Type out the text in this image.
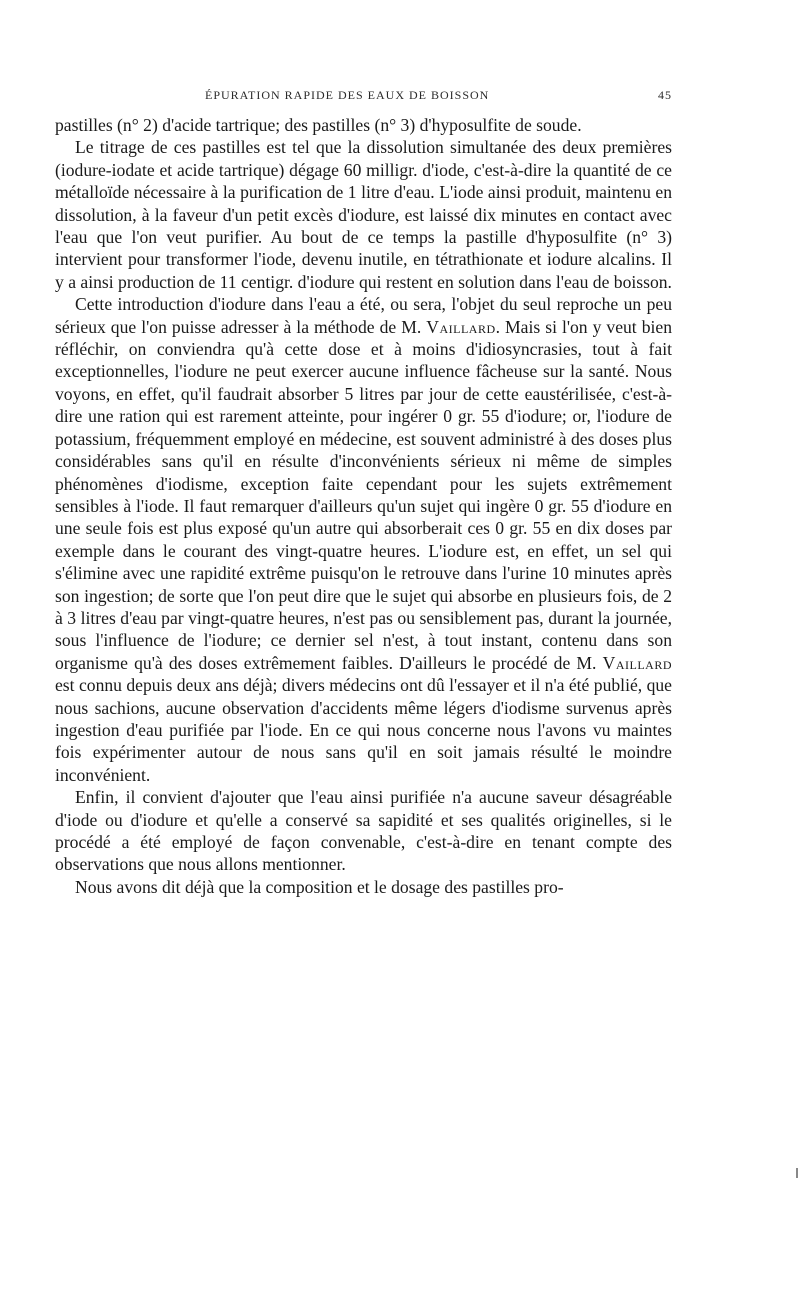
ÉPURATION RAPIDE DES EAUX DE BOISSON	45

pastilles (n° 2) d'acide tartrique; des pastilles (n° 3) d'hyposulfite de soude.

Le titrage de ces pastilles est tel que la dissolution simultanée des deux premières (iodure-iodate et acide tartrique) dégage 60 milligr. d'iode, c'est-à-dire la quantité de ce métalloïde nécessaire à la purification de 1 litre d'eau. L'iode ainsi produit, maintenu en dissolution, à la faveur d'un petit excès d'iodure, est laissé dix minutes en contact avec l'eau que l'on veut purifier. Au bout de ce temps la pastille d'hyposulfite (n° 3) intervient pour transformer l'iode, devenu inutile, en tétrathionate et iodure alcalins. Il y a ainsi production de 11 centigr. d'iodure qui restent en solution dans l'eau de boisson.

Cette introduction d'iodure dans l'eau a été, ou sera, l'objet du seul reproche un peu sérieux que l'on puisse adresser à la méthode de M. Vaillard. Mais si l'on y veut bien réfléchir, on conviendra qu'à cette dose et à moins d'idiosyncrasies, tout à fait exceptionnelles, l'iodure ne peut exercer aucune influence fâcheuse sur la santé. Nous voyons, en effet, qu'il faudrait absorber 5 litres par jour de cette eaustérilisée, c'est-à-dire une ration qui est rarement atteinte, pour ingérer 0 gr. 55 d'iodure; or, l'iodure de potassium, fréquemment employé en médecine, est souvent administré à des doses plus considérables sans qu'il en résulte d'inconvénients sérieux ni même de simples phénomènes d'iodisme, exception faite cependant pour les sujets extrêmement sensibles à l'iode. Il faut remarquer d'ailleurs qu'un sujet qui ingère 0 gr. 55 d'iodure en une seule fois est plus exposé qu'un autre qui absorberait ces 0 gr. 55 en dix doses par exemple dans le courant des vingt-quatre heures. L'iodure est, en effet, un sel qui s'élimine avec une rapidité extrême puisqu'on le retrouve dans l'urine 10 minutes après son ingestion; de sorte que l'on peut dire que le sujet qui absorbe en plusieurs fois, de 2 à 3 litres d'eau par vingt-quatre heures, n'est pas ou sensiblement pas, durant la journée, sous l'influence de l'iodure; ce dernier sel n'est, à tout instant, contenu dans son organisme qu'à des doses extrêmement faibles. D'ailleurs le procédé de M. Vaillard est connu depuis deux ans déjà; divers médecins ont dû l'essayer et il n'a été publié, que nous sachions, aucune observation d'accidents même légers d'iodisme survenus après ingestion d'eau purifiée par l'iode. En ce qui nous concerne nous l'avons vu maintes fois expérimenter autour de nous sans qu'il en soit jamais résulté le moindre inconvénient.

Enfin, il convient d'ajouter que l'eau ainsi purifiée n'a aucune saveur désagréable d'iode ou d'iodure et qu'elle a conservé sa sapidité et ses qualités originelles, si le procédé a été employé de façon convenable, c'est-à-dire en tenant compte des observations que nous allons mentionner.

Nous avons dit déjà que la composition et le dosage des pastilles pro-
